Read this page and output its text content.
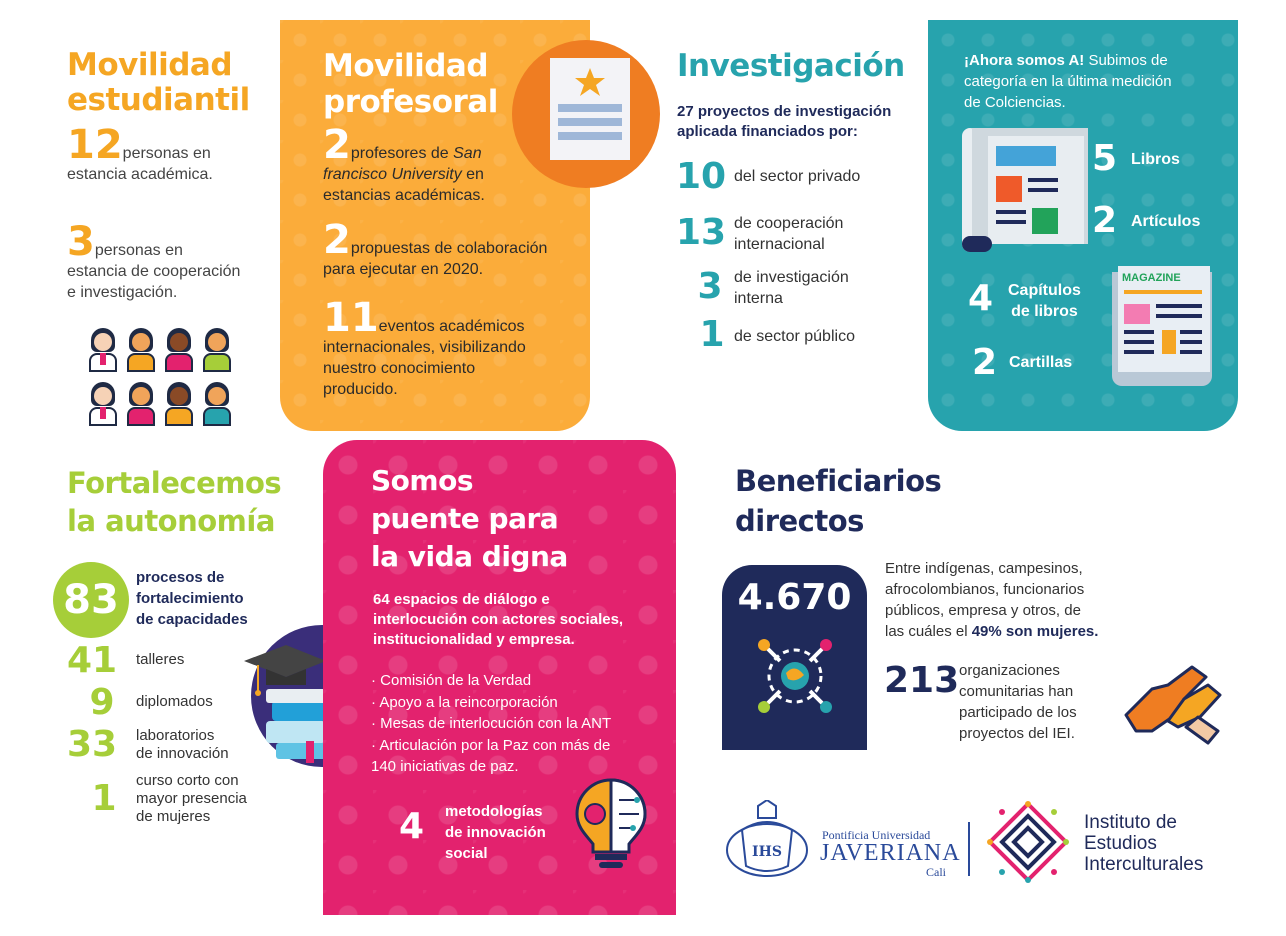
Movilidad
estudiantil
12personas en
estancia académica.
3personas en
estancia de cooperación
e investigación.
Movilidad
profesoral
2profesores de San
francisco University en
estancias académicas.
2propuestas de colaboración
para ejecutar en 2020.
11eventos académicos
internacionales, visibilizando
nuestro conocimiento
producido.
Investigación
27 proyectos de investigación
aplicada financiados por:
10 del sector privado
13 de cooperación
internacional
3 de investigación
interna
1 de sector público
¡Ahora somos A! Subimos de
categoría en la última medición
de Colciencias.
5 Libros
2 Artículos
4 Capítulos
de libros
2 Cartillas
MAGAZINE
Fortalecemos
la autonomía
83	procesos de
fortalecimiento
de capacidades
41	talleres
9	diplomados
33	laboratorios
de innovación
1	curso corto con
mayor presencia
de mujeres
Somos
puente para
la vida digna
64 espacios de diálogo e
interlocución con actores sociales,
institucionalidad y empresa.
· Comisión de la Verdad
· Apoyo a la reincorporación
· Mesas de interlocución con la ANT
· Articulación por la Paz con más de
140 iniciativas de paz.
4 metodologías
de innovación
social
Beneficiarios
directos
4.670
Entre indígenas, campesinos,
afrocolombianos, funcionarios
públicos, empresa y otros, de
las cuáles el 49% son mujeres.
213 organizaciones
comunitarias han
participado de los
proyectos del IEI.
IHS
Pontificia Universidad
JAVERIANA
Cali
Instituto de
Estudios
Interculturales
